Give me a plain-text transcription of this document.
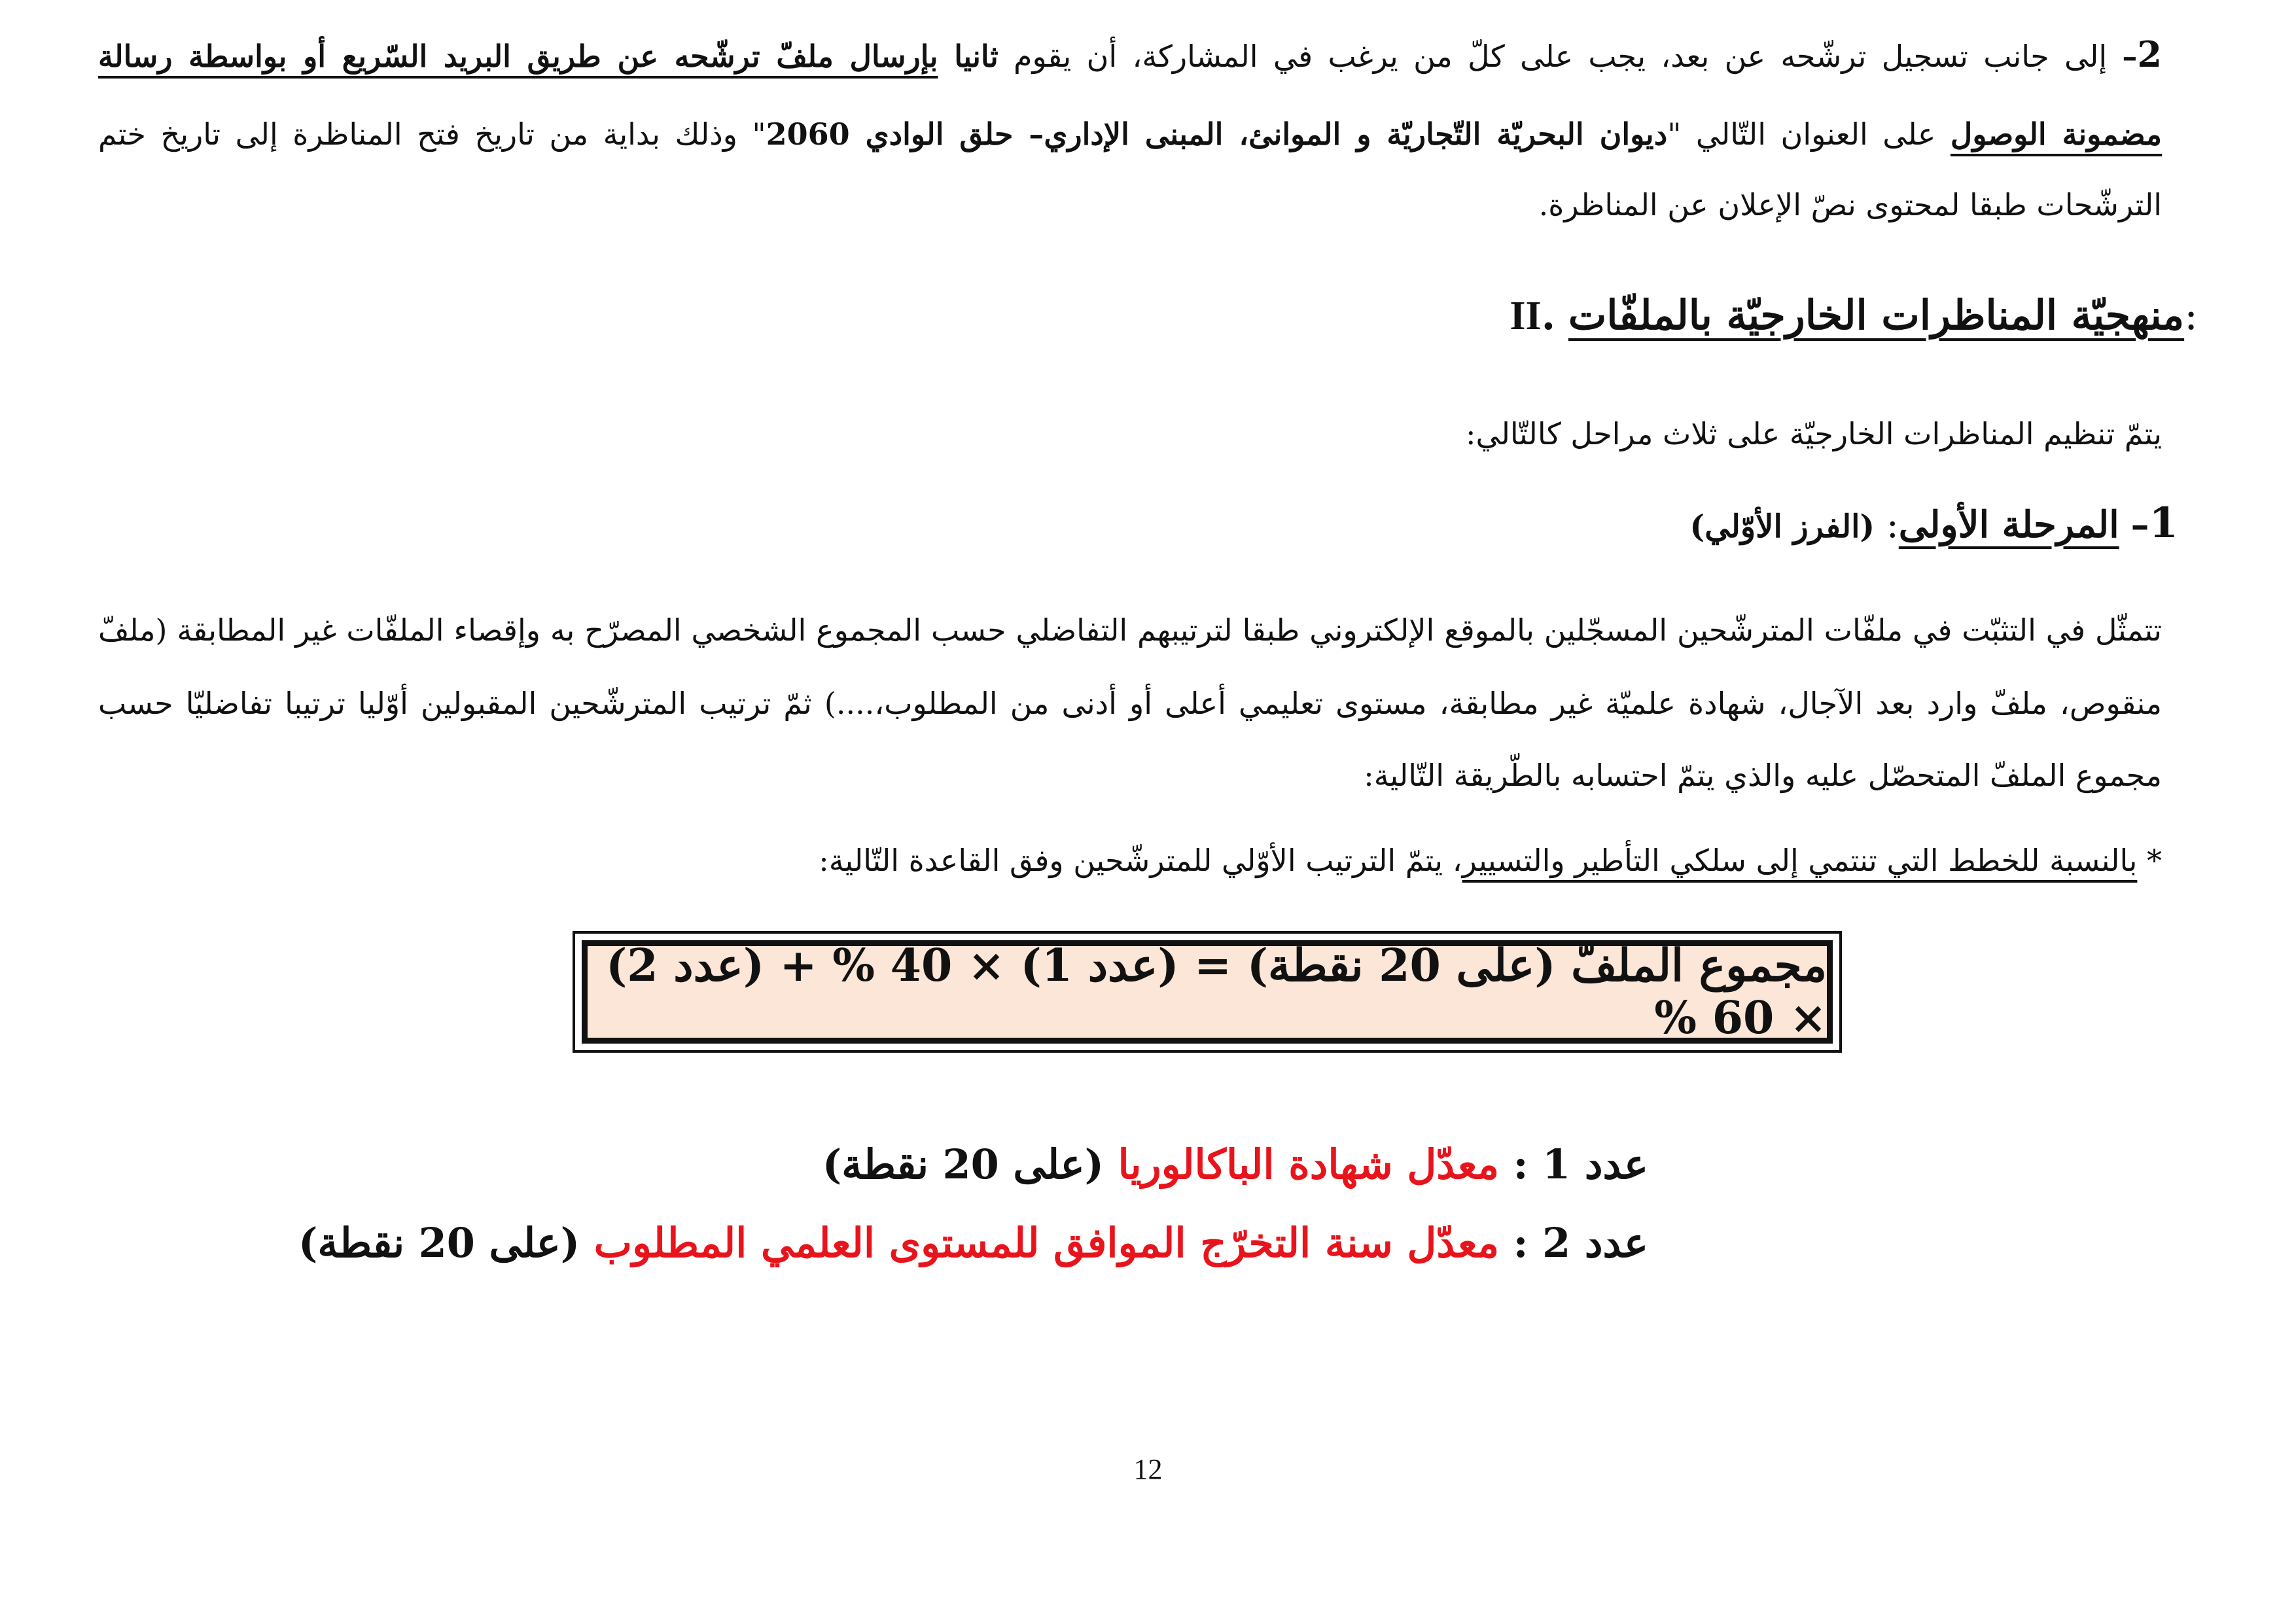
2– إلى جانب تسجيل ترشّحه عن بعد، يجب على كلّ من يرغب في المشاركة، أن يقوم ثانيا بإرسال ملفّ ترشّحه عن طريق البريد السّريع أو بواسطة رسالة
مضمونة الوصول على العنوان التّالي "ديوان البحريّة التّجاريّة و الموانئ، المبنى الإداري– حلق الوادي 2060" وذلك بداية من تاريخ فتح المناظرة إلى تاريخ ختم
الترشّحات طبقا لمحتوى نصّ الإعلان عن المناظرة.
II. منهجيّة المناظرات الخارجيّة بالملفّات:
يتمّ تنظيم المناظرات الخارجيّة على ثلاث مراحل كالتّالي:
1– المرحلة الأولى: (الفرز الأوّلي)
تتمثّل في التثبّت في ملفّات المترشّحين المسجّلين بالموقع الإلكتروني طبقا لترتيبهم التفاضلي حسب المجموع الشخصي المصرّح به وإقصاء الملفّات غير المطابقة (ملفّ
منقوص، ملفّ وارد بعد الآجال، شهادة علميّة غير مطابقة، مستوى تعليمي أعلى أو أدنى من المطلوب،....) ثمّ ترتيب المترشّحين المقبولين أوّليا ترتيبا تفاضليّا حسب
مجموع الملفّ المتحصّل عليه والذي يتمّ احتسابه بالطّريقة التّالية:
* بالنسبة للخطط التي تنتمي إلى سلكي التأطير والتسيير، يتمّ الترتيب الأوّلي للمترشّحين وفق القاعدة التّالية:
مجموع الملفّ (على 20 نقطة) = (عدد 1) × 40 % + (عدد 2) × 60 %
عدد 1 : معدّل شهادة الباكالوريا (على 20 نقطة)
عدد 2 : معدّل سنة التخرّج الموافق للمستوى العلمي المطلوب (على 20 نقطة)
12
